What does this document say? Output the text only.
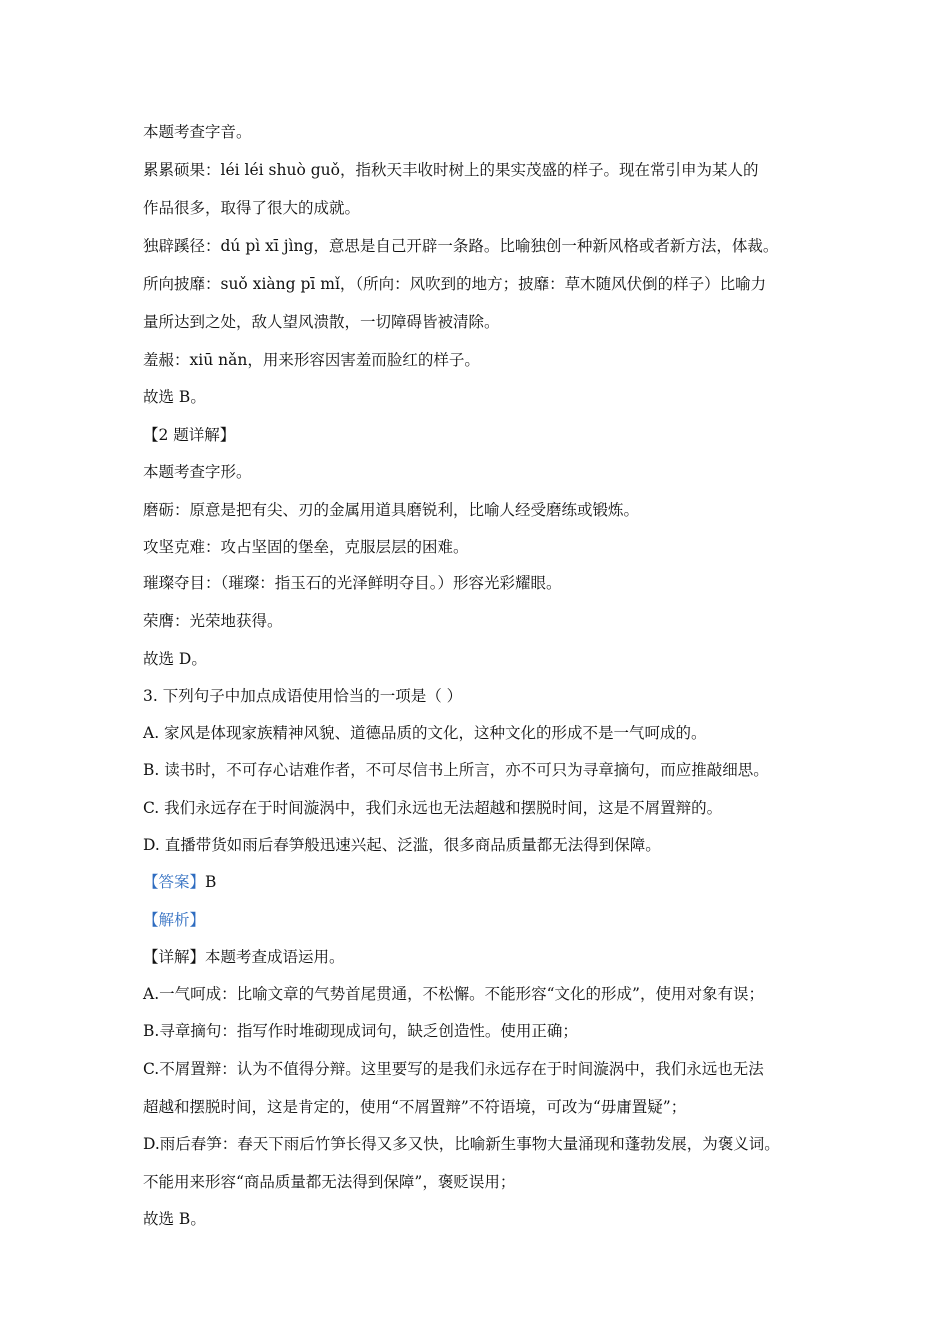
本题考查字音。
累累硕果：léi léi shuò guǒ，指秋天丰收时树上的果实茂盛的样子。现在常引申为某人的
作品很多，取得了很大的成就。
独辟蹊径：dú pì xī jìng，意思是自己开辟一条路。比喻独创一种新风格或者新方法，体裁。
所向披靡：suǒ xiàng pī mǐ，（所向：风吹到的地方；披靡：草木随风伏倒的样子）比喻力
量所达到之处，敌人望风溃散，一切障碍皆被清除。
羞赧：xiū nǎn，用来形容因害羞而脸红的样子。
故选 B。
【2 题详解】
本题考查字形。
磨砺：原意是把有尖、刃的金属用道具磨锐利，比喻人经受磨练或锻炼。
攻坚克难：攻占坚固的堡垒，克服层层的困难。
璀璨夺目：（璀璨：指玉石的光泽鲜明夺目。）形容光彩耀眼。
荣膺：光荣地获得。
故选 D。
3. 下列句子中加点成语使用恰当的一项是（ ）
A. 家风是体现家族精神风貌、道德品质的文化，这种文化的形成不是一气呵成的。
B. 读书时，不可存心诘难作者，不可尽信书上所言，亦不可只为寻章摘句，而应推敲细思。
C. 我们永远存在于时间漩涡中，我们永远也无法超越和摆脱时间，这是不屑置辩的。
D. 直播带货如雨后春笋般迅速兴起、泛滥，很多商品质量都无法得到保障。
【答案】B
【解析】
【详解】本题考查成语运用。
A.一气呵成：比喻文章的气势首尾贯通，不松懈。不能形容“文化的形成”，使用对象有误；
B.寻章摘句：指写作时堆砌现成词句，缺乏创造性。使用正确；
C.不屑置辩：认为不值得分辩。这里要写的是我们永远存在于时间漩涡中，我们永远也无法
超越和摆脱时间，这是肯定的，使用“不屑置辩”不符语境，可改为“毋庸置疑”；
D.雨后春笋：春天下雨后竹笋长得又多又快，比喻新生事物大量涌现和蓬勃发展，为褒义词。
不能用来形容“商品质量都无法得到保障”，褒贬误用；
故选 B。
